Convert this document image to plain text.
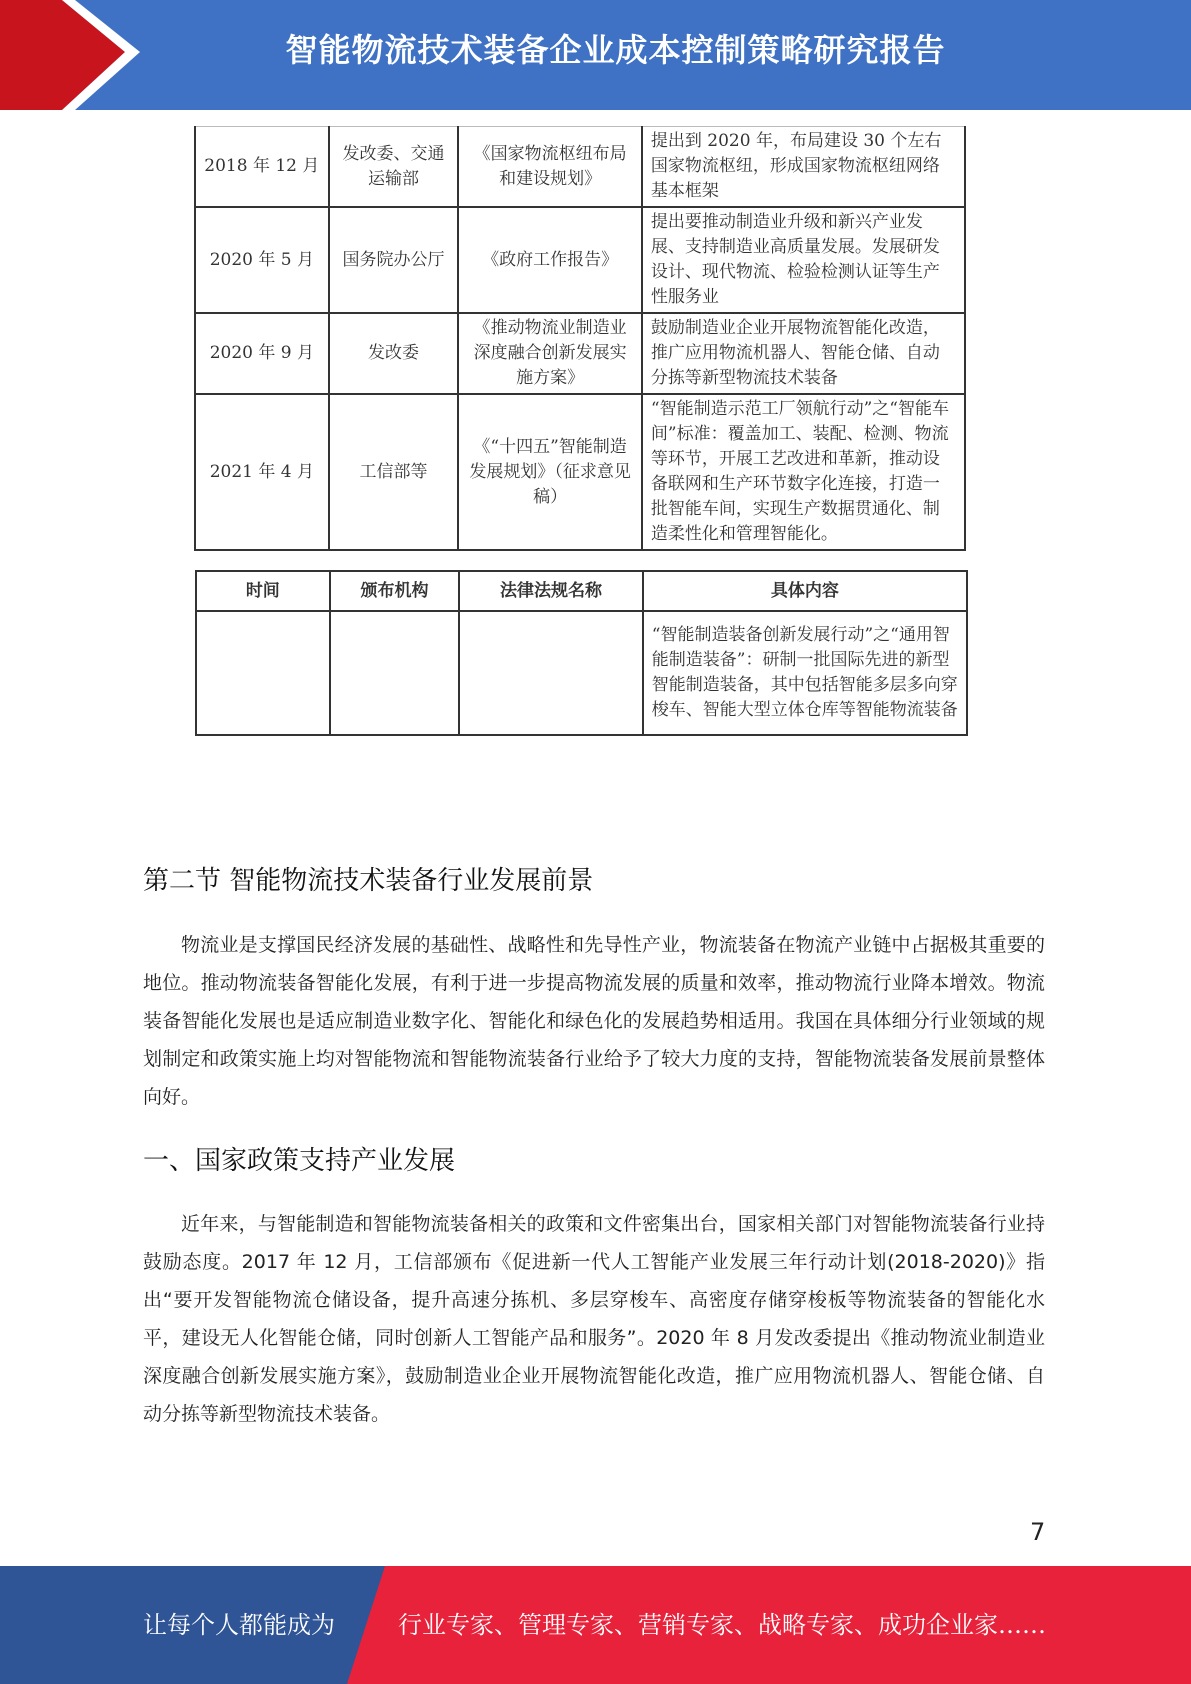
智能物流技术装备企业成本控制策略研究报告
2018 年 12 月	发改委、交通运输部	《国家物流枢纽布局和建设规划》	提出到 2020 年，布局建设 30 个左右国家物流枢纽，形成国家物流枢纽网络基本框架
2020 年 5 月	国务院办公厅	《政府工作报告》	提出要推动制造业升级和新兴产业发展、支持制造业高质量发展。发展研发设计、现代物流、检验检测认证等生产性服务业
2020 年 9 月	发改委	《推动物流业制造业深度融合创新发展实施方案》	鼓励制造业企业开展物流智能化改造，推广应用物流机器人、智能仓储、自动分拣等新型物流技术装备
2021 年 4 月	工信部等	《“十四五”智能制造发展规划》（征求意见稿）	“智能制造示范工厂领航行动”之“智能车间”标准：覆盖加工、装配、检测、物流等环节，开展工艺改进和革新，推动设备联网和生产环节数字化连接，打造一批智能车间，实现生产数据贯通化、制造柔性化和管理智能化。
时间	颁布机构	法律法规名称	具体内容
			“智能制造装备创新发展行动”之“通用智能制造装备”：研制一批国际先进的新型智能制造装备，其中包括智能多层多向穿梭车、智能大型立体仓库等智能物流装备
第二节 智能物流技术装备行业发展前景
物流业是支撑国民经济发展的基础性、战略性和先导性产业，物流装备在物流产业链中占据极其重要的地位。推动物流装备智能化发展，有利于进一步提高物流发展的质量和效率，推动物流行业降本增效。物流装备智能化发展也是适应制造业数字化、智能化和绿色化的发展趋势相适用。我国在具体细分行业领域的规划制定和政策实施上均对智能物流和智能物流装备行业给予了较大力度的支持，智能物流装备发展前景整体向好。
一、国家政策支持产业发展
近年来，与智能制造和智能物流装备相关的政策和文件密集出台，国家相关部门对智能物流装备行业持鼓励态度。2017 年 12 月，工信部颁布《促进新一代人工智能产业发展三年行动计划(2018-2020)》指出“要开发智能物流仓储设备，提升高速分拣机、多层穿梭车、高密度存储穿梭板等物流装备的智能化水平，建设无人化智能仓储，同时创新人工智能产品和服务”。2020 年 8 月发改委提出《推动物流业制造业深度融合创新发展实施方案》，鼓励制造业企业开展物流智能化改造，推广应用物流机器人、智能仓储、自动分拣等新型物流技术装备。
7
让每个人都能成为	行业专家、管理专家、营销专家、战略专家、成功企业家……
